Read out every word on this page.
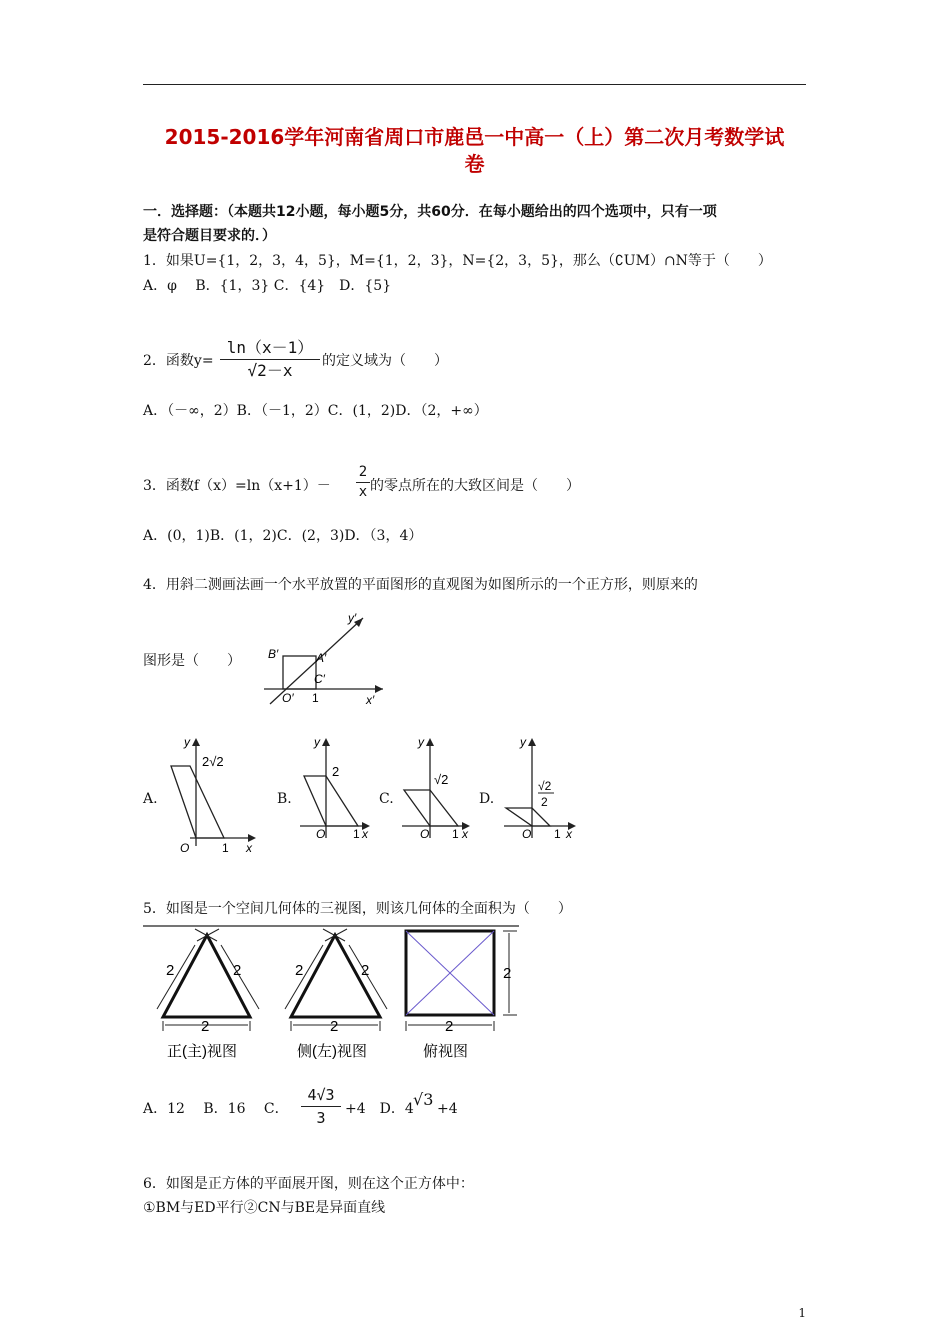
2015-2016学年河南省周口市鹿邑一中高一（上）第二次月考数学试
卷
一．选择题：（本题共12小题，每小题5分，共60分．在每小题给出的四个选项中，只有一项
是符合题目要求的．）
1．如果U={1，2，3，4，5}，M={1，2，3}，N={2，3，5}，那么（∁UM）∩N等于（　　）
A．φ　 B．{1，3} C．{4}　D．{5}
2．函数$y= \frac{\ln(x-1)}{√2-x}$ 的定义域为（　　）
A．（－∞，2）B．（－1，2）C．(1，2)D．（2，+∞）
3．函数$f(x)=\ln(x+1)- \frac{2}{x}$ 的零点所在的大致区间是（　　）
A．(0，1)B．(1，2)C．(2，3)D．（3，4）
4．用斜二测画法画一个水平放置的平面图形的直观图为如图所示的一个正方形，则原来的
图形是（　　）
y′
B′	A′
C′
O′ 1	x′
A.	B.	C.	D.
y
2√2
O	1 x
y
2
O 1 x
y
√2
O 1 x
y
√2
2
O 1 x
5．如图是一个空间几何体的三视图，则该几何体的全面积为（　　）
2	2
2
正(主)视图
2	2
2
侧(左)视图
2
2
俯视图
A．12　 B．16　 C． $\frac{4√3}{3} +4$　D．4 √3 +4
6．如图是正方体的平面展开图，则在这个正方体中：
①BM与ED平行②CN与BE是异面直线
1
